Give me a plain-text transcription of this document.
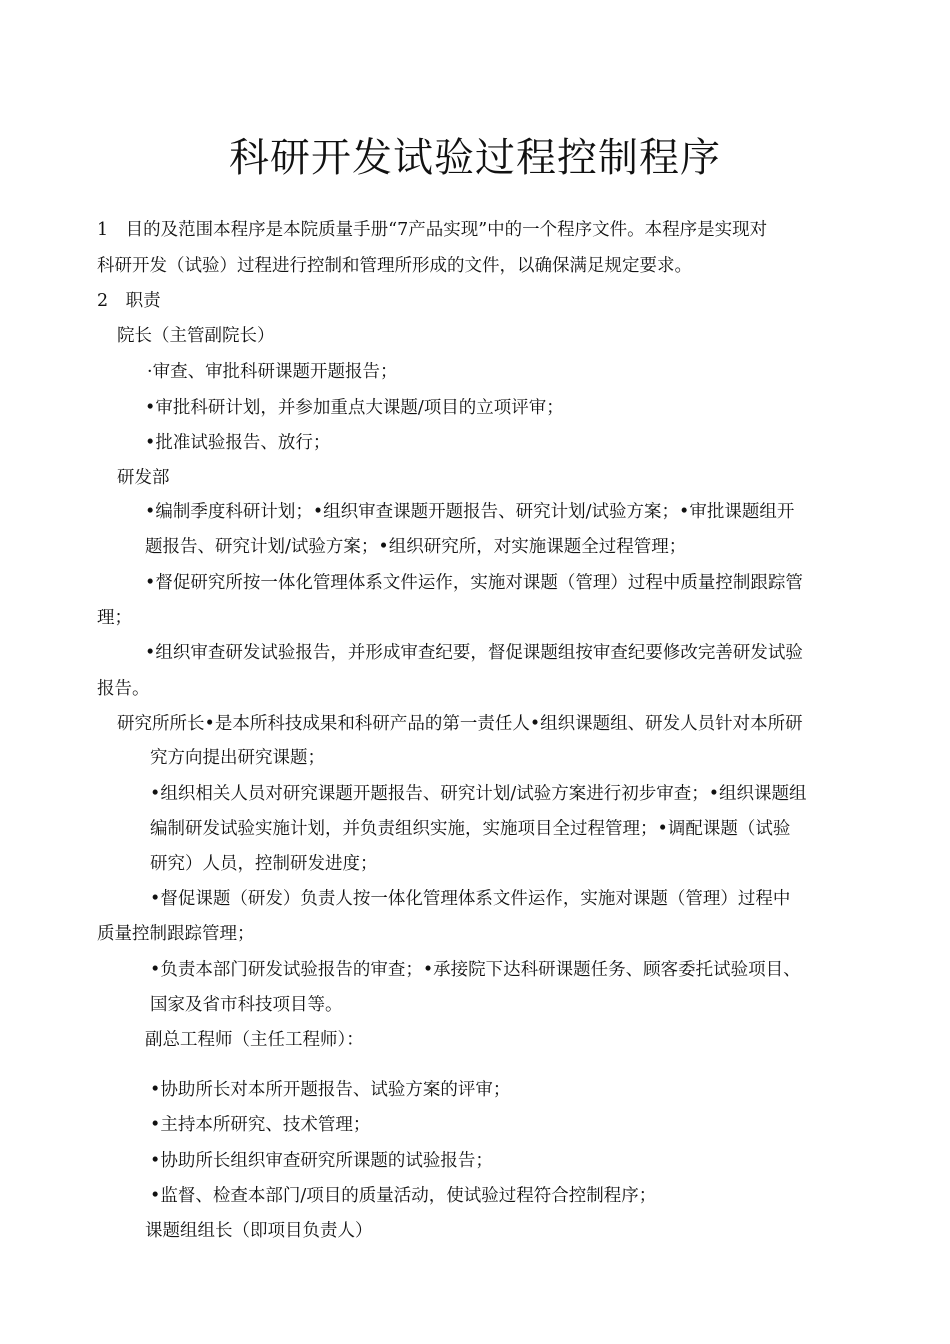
科研开发试验过程控制程序

1　目的及范围本程序是本院质量手册“7产品实现”中的一个程序文件。本程序是实现对

科研开发（试验）过程进行控制和管理所形成的文件，以确保满足规定要求。

2　职责

院长（主管副院长）

·审查、审批科研课题开题报告；

•审批科研计划，并参加重点大课题/项目的立项评审；

•批准试验报告、放行；

研发部

•编制季度科研计划；•组织审查课题开题报告、研究计划/试验方案；•审批课题组开

题报告、研究计划/试验方案；•组织研究所，对实施课题全过程管理；

•督促研究所按一体化管理体系文件运作，实施对课题（管理）过程中质量控制跟踪管

理；

•组织审查研发试验报告，并形成审查纪要，督促课题组按审查纪要修改完善研发试验

报告。

研究所所长•是本所科技成果和科研产品的第一责任人•组织课题组、研发人员针对本所研

究方向提出研究课题；

•组织相关人员对研究课题开题报告、研究计划/试验方案进行初步审查；•组织课题组

编制研发试验实施计划，并负责组织实施，实施项目全过程管理；•调配课题（试验

研究）人员，控制研发进度；

•督促课题（研发）负责人按一体化管理体系文件运作，实施对课题（管理）过程中

质量控制跟踪管理；

•负责本部门研发试验报告的审查；•承接院下达科研课题任务、顾客委托试验项目、

国家及省市科技项目等。

副总工程师（主任工程师）：

•协助所长对本所开题报告、试验方案的评审；

•主持本所研究、技术管理；

•协助所长组织审查研究所课题的试验报告；

•监督、检查本部门/项目的质量活动，使试验过程符合控制程序；

课题组组长（即项目负责人）
